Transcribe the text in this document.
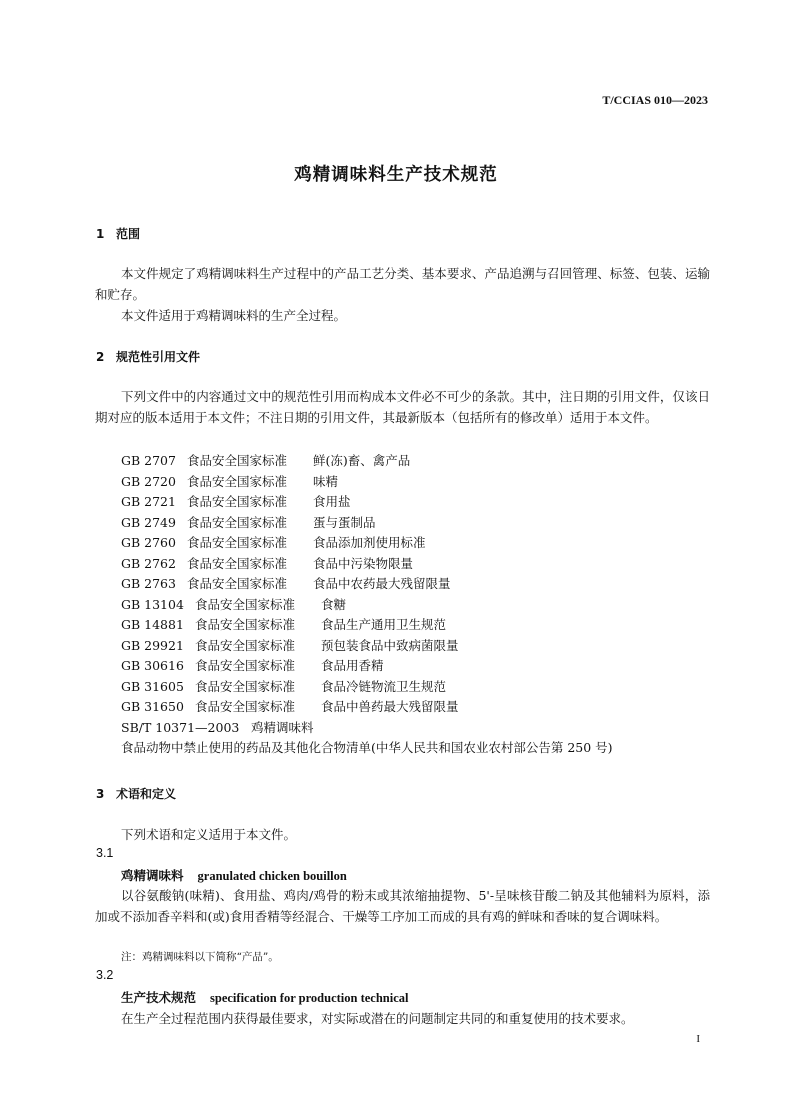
T/CCIAS 010—2023
鸡精调味料生产技术规范
1 范围
本文件规定了鸡精调味料生产过程中的产品工艺分类、基本要求、产品追溯与召回管理、标签、包装、运输和贮存。
本文件适用于鸡精调味料的生产全过程。
2 规范性引用文件
下列文件中的内容通过文中的规范性引用而构成本文件必不可少的条款。其中，注日期的引用文件，仅该日期对应的版本适用于本文件；不注日期的引用文件，其最新版本（包括所有的修改单）适用于本文件。
GB 2707 食品安全国家标准 鲜(冻)畜、禽产品
GB 2720 食品安全国家标准 味精
GB 2721 食品安全国家标准 食用盐
GB 2749 食品安全国家标准 蛋与蛋制品
GB 2760 食品安全国家标准 食品添加剂使用标准
GB 2762 食品安全国家标准 食品中污染物限量
GB 2763 食品安全国家标准 食品中农药最大残留限量
GB 13104 食品安全国家标准 食糖
GB 14881 食品安全国家标准 食品生产通用卫生规范
GB 29921 食品安全国家标准 预包装食品中致病菌限量
GB 30616 食品安全国家标准 食品用香精
GB 31605 食品安全国家标准 食品冷链物流卫生规范
GB 31650 食品安全国家标准 食品中兽药最大残留限量
SB/T 10371—2003 鸡精调味料
食品动物中禁止使用的药品及其他化合物清单(中华人民共和国农业农村部公告第 250 号)
3 术语和定义
下列术语和定义适用于本文件。
3.1
鸡精调味料 granulated chicken bouillon
以谷氨酸钠(味精)、食用盐、鸡肉/鸡骨的粉末或其浓缩抽提物、5'-呈味核苷酸二钠及其他辅料为原料，添加或不添加香辛料和(或)食用香精等经混合、干燥等工序加工而成的具有鸡的鲜味和香味的复合调味料。
注：鸡精调味料以下简称“产品”。
3.2
生产技术规范 specification for production technical
在生产全过程范围内获得最佳要求，对实际或潜在的问题制定共同的和重复使用的技术要求。
I
